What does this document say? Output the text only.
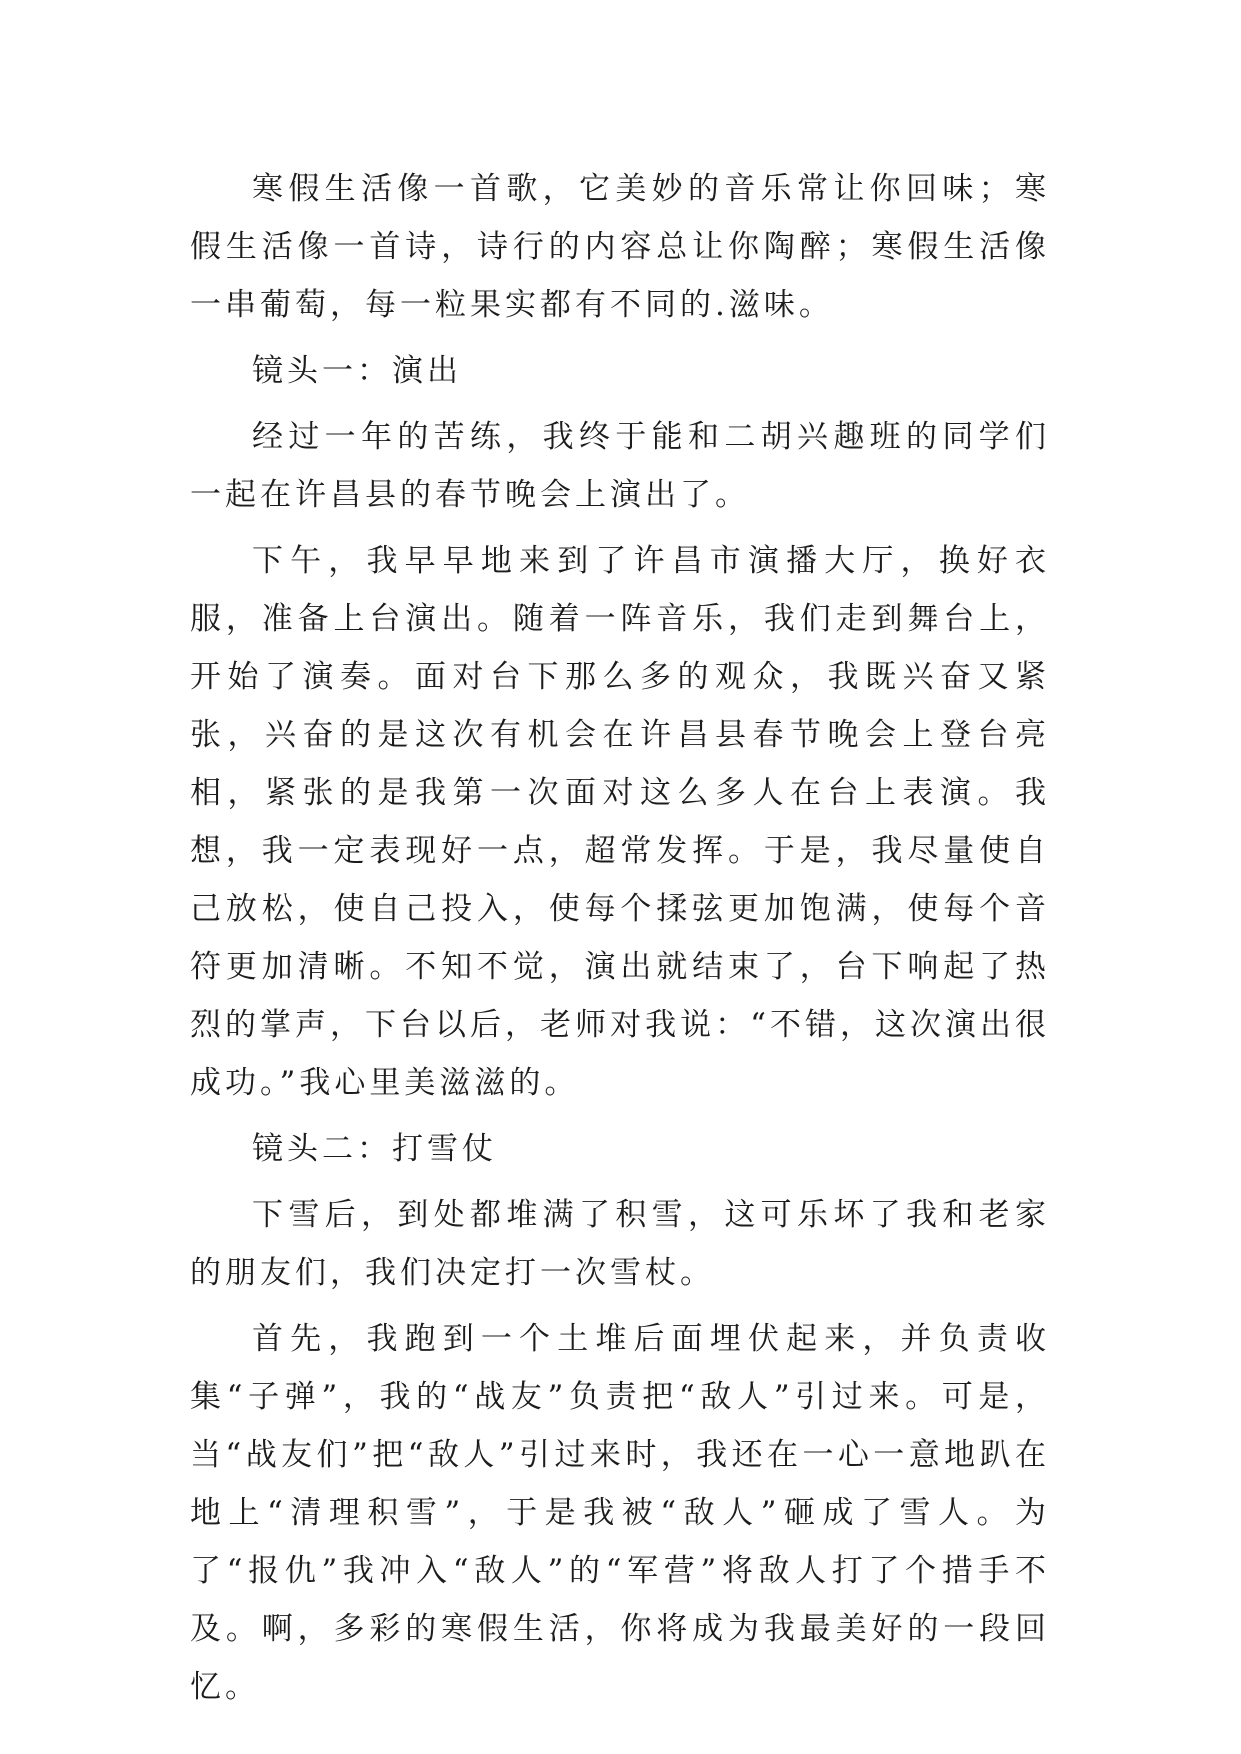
寒假生活像一首歌，它美妙的音乐常让你回味；寒假生活像一首诗，诗行的内容总让你陶醉；寒假生活像一串葡萄，每一粒果实都有不同的.滋味。

镜头一：演出

经过一年的苦练，我终于能和二胡兴趣班的同学们一起在许昌县的春节晚会上演出了。

下午，我早早地来到了许昌市演播大厅，换好衣服，准备上台演出。随着一阵音乐，我们走到舞台上，开始了演奏。面对台下那么多的观众，我既兴奋又紧张，兴奋的是这次有机会在许昌县春节晚会上登台亮相，紧张的是我第一次面对这么多人在台上表演。我想，我一定表现好一点，超常发挥。于是，我尽量使自己放松，使自己投入，使每个揉弦更加饱满，使每个音符更加清晰。不知不觉，演出就结束了，台下响起了热烈的掌声，下台以后，老师对我说：“不错，这次演出很成功。”我心里美滋滋的。

镜头二：打雪仗

下雪后，到处都堆满了积雪，这可乐坏了我和老家的朋友们，我们决定打一次雪杖。

首先，我跑到一个土堆后面埋伏起来，并负责收集“子弹”，我的“战友”负责把“敌人”引过来。可是，当“战友们”把“敌人”引过来时，我还在一心一意地趴在地上“清理积雪”，于是我被“敌人”砸成了雪人。为了“报仇”我冲入“敌人”的“军营”将敌人打了个措手不及。啊，多彩的寒假生活，你将成为我最美好的一段回忆。
